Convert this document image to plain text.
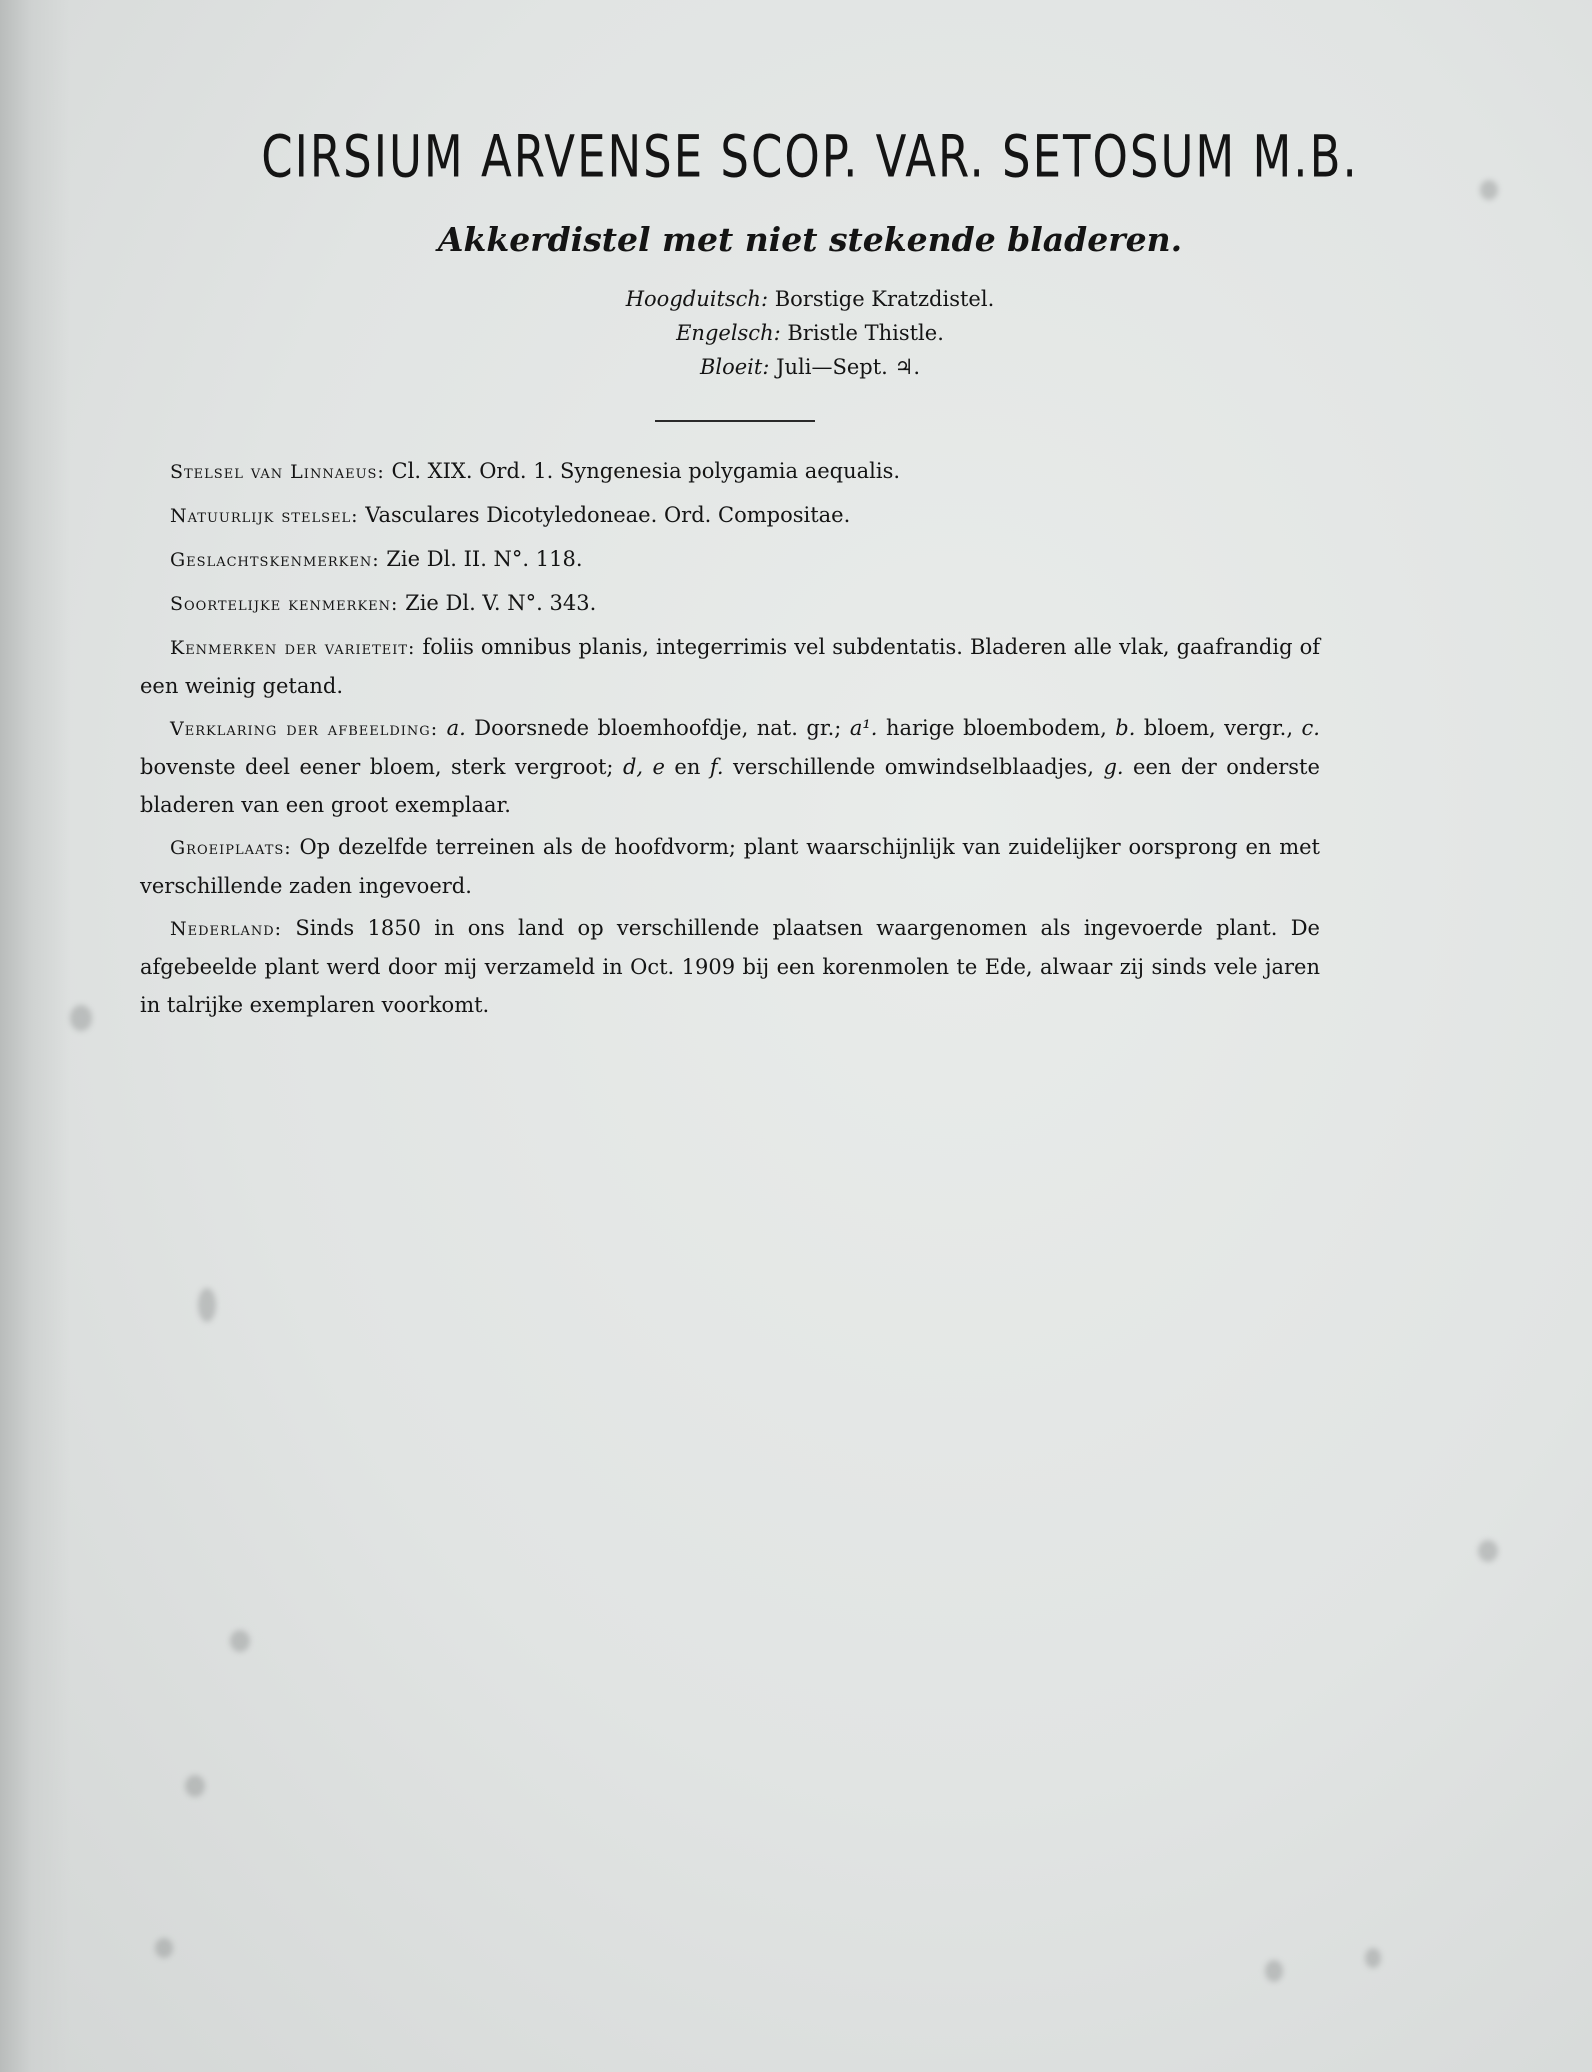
CIRSIUM ARVENSE SCOP. VAR. SETOSUM M.B.
Akkerdistel met niet stekende bladeren.
Hoogduitsch: Borstige Kratzdistel.
Engelsch: Bristle Thistle.
Bloeit: Juli—Sept. ♃.

Stelsel van Linnaeus: Cl. XIX. Ord. 1. Syngenesia polygamia aequalis.

Natuurlijk stelsel: Vasculares Dicotyledoneae. Ord. Compositae.

Geslachtskenmerken: Zie Dl. II. N°. 118.

Soortelijke kenmerken: Zie Dl. V. N°. 343.

Kenmerken der varieteit: foliis omnibus planis, integerrimis vel subdentatis. Bladeren alle vlak, gaafrandig of een weinig getand.

Verklaring der afbeelding: a. Doorsnede bloemhoofdje, nat. gr.; a¹. harige bloembodem, b. bloem, vergr., c. bovenste deel eener bloem, sterk vergroot; d, e en f. verschillende omwindselblaadjes, g. een der onderste bladeren van een groot exemplaar.

Groeiplaats: Op dezelfde terreinen als de hoofdvorm; plant waarschijnlijk van zuidelijker oorsprong en met verschillende zaden ingevoerd.

Nederland: Sinds 1850 in ons land op verschillende plaatsen waargenomen als ingevoerde plant. De afgebeelde plant werd door mij verzameld in Oct. 1909 bij een korenmolen te Ede, alwaar zij sinds vele jaren in talrijke exemplaren voorkomt.
